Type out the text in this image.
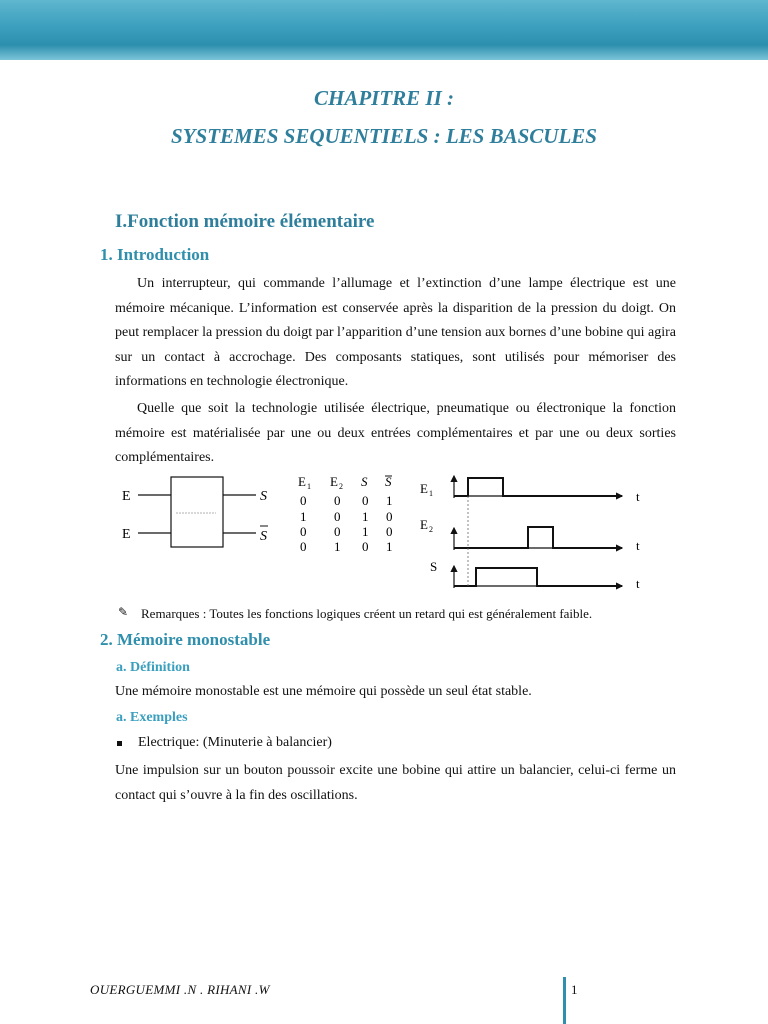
CHAPITRE II :
SYSTEMES SEQUENTIELS : LES BASCULES
I.Fonction mémoire élémentaire
1. Introduction

Un interrupteur, qui commande l’allumage et l’extinction d’une lampe électrique est une mémoire mécanique. L’information est conservée après la disparition de la pression du doigt. On peut remplacer la pression du doigt par l’apparition d’une tension aux bornes d’une bobine qui agira sur un contact à accrochage. Des composants statiques, sont utilisés pour mémoriser des informations en technologie électronique.

Quelle que soit la technologie utilisée électrique, pneumatique ou électronique la fonction mémoire est matérialisée par une ou deux entrées complémentaires et par une ou deux sorties complémentaires.

E
E
S
S
E 1 E 2 S S
0 0 0 1
1 0 1 0
0 0 1 0
0 1 0 1
E 1	t
E 2
t
S
t
✎ Remarques : Toutes les fonctions logiques créent un retard qui est généralement faible.
2. Mémoire monostable
a. Définition
Une mémoire monostable est une mémoire qui possède un seul état stable.
a. Exemples
Electrique: (Minuterie à balancier)

Une impulsion sur un bouton poussoir excite une bobine qui attire un balancier, celui-ci ferme un contact qui s’ouvre à la fin des oscillations.

OUERGUEMMI .N . RIHANI .W	1
